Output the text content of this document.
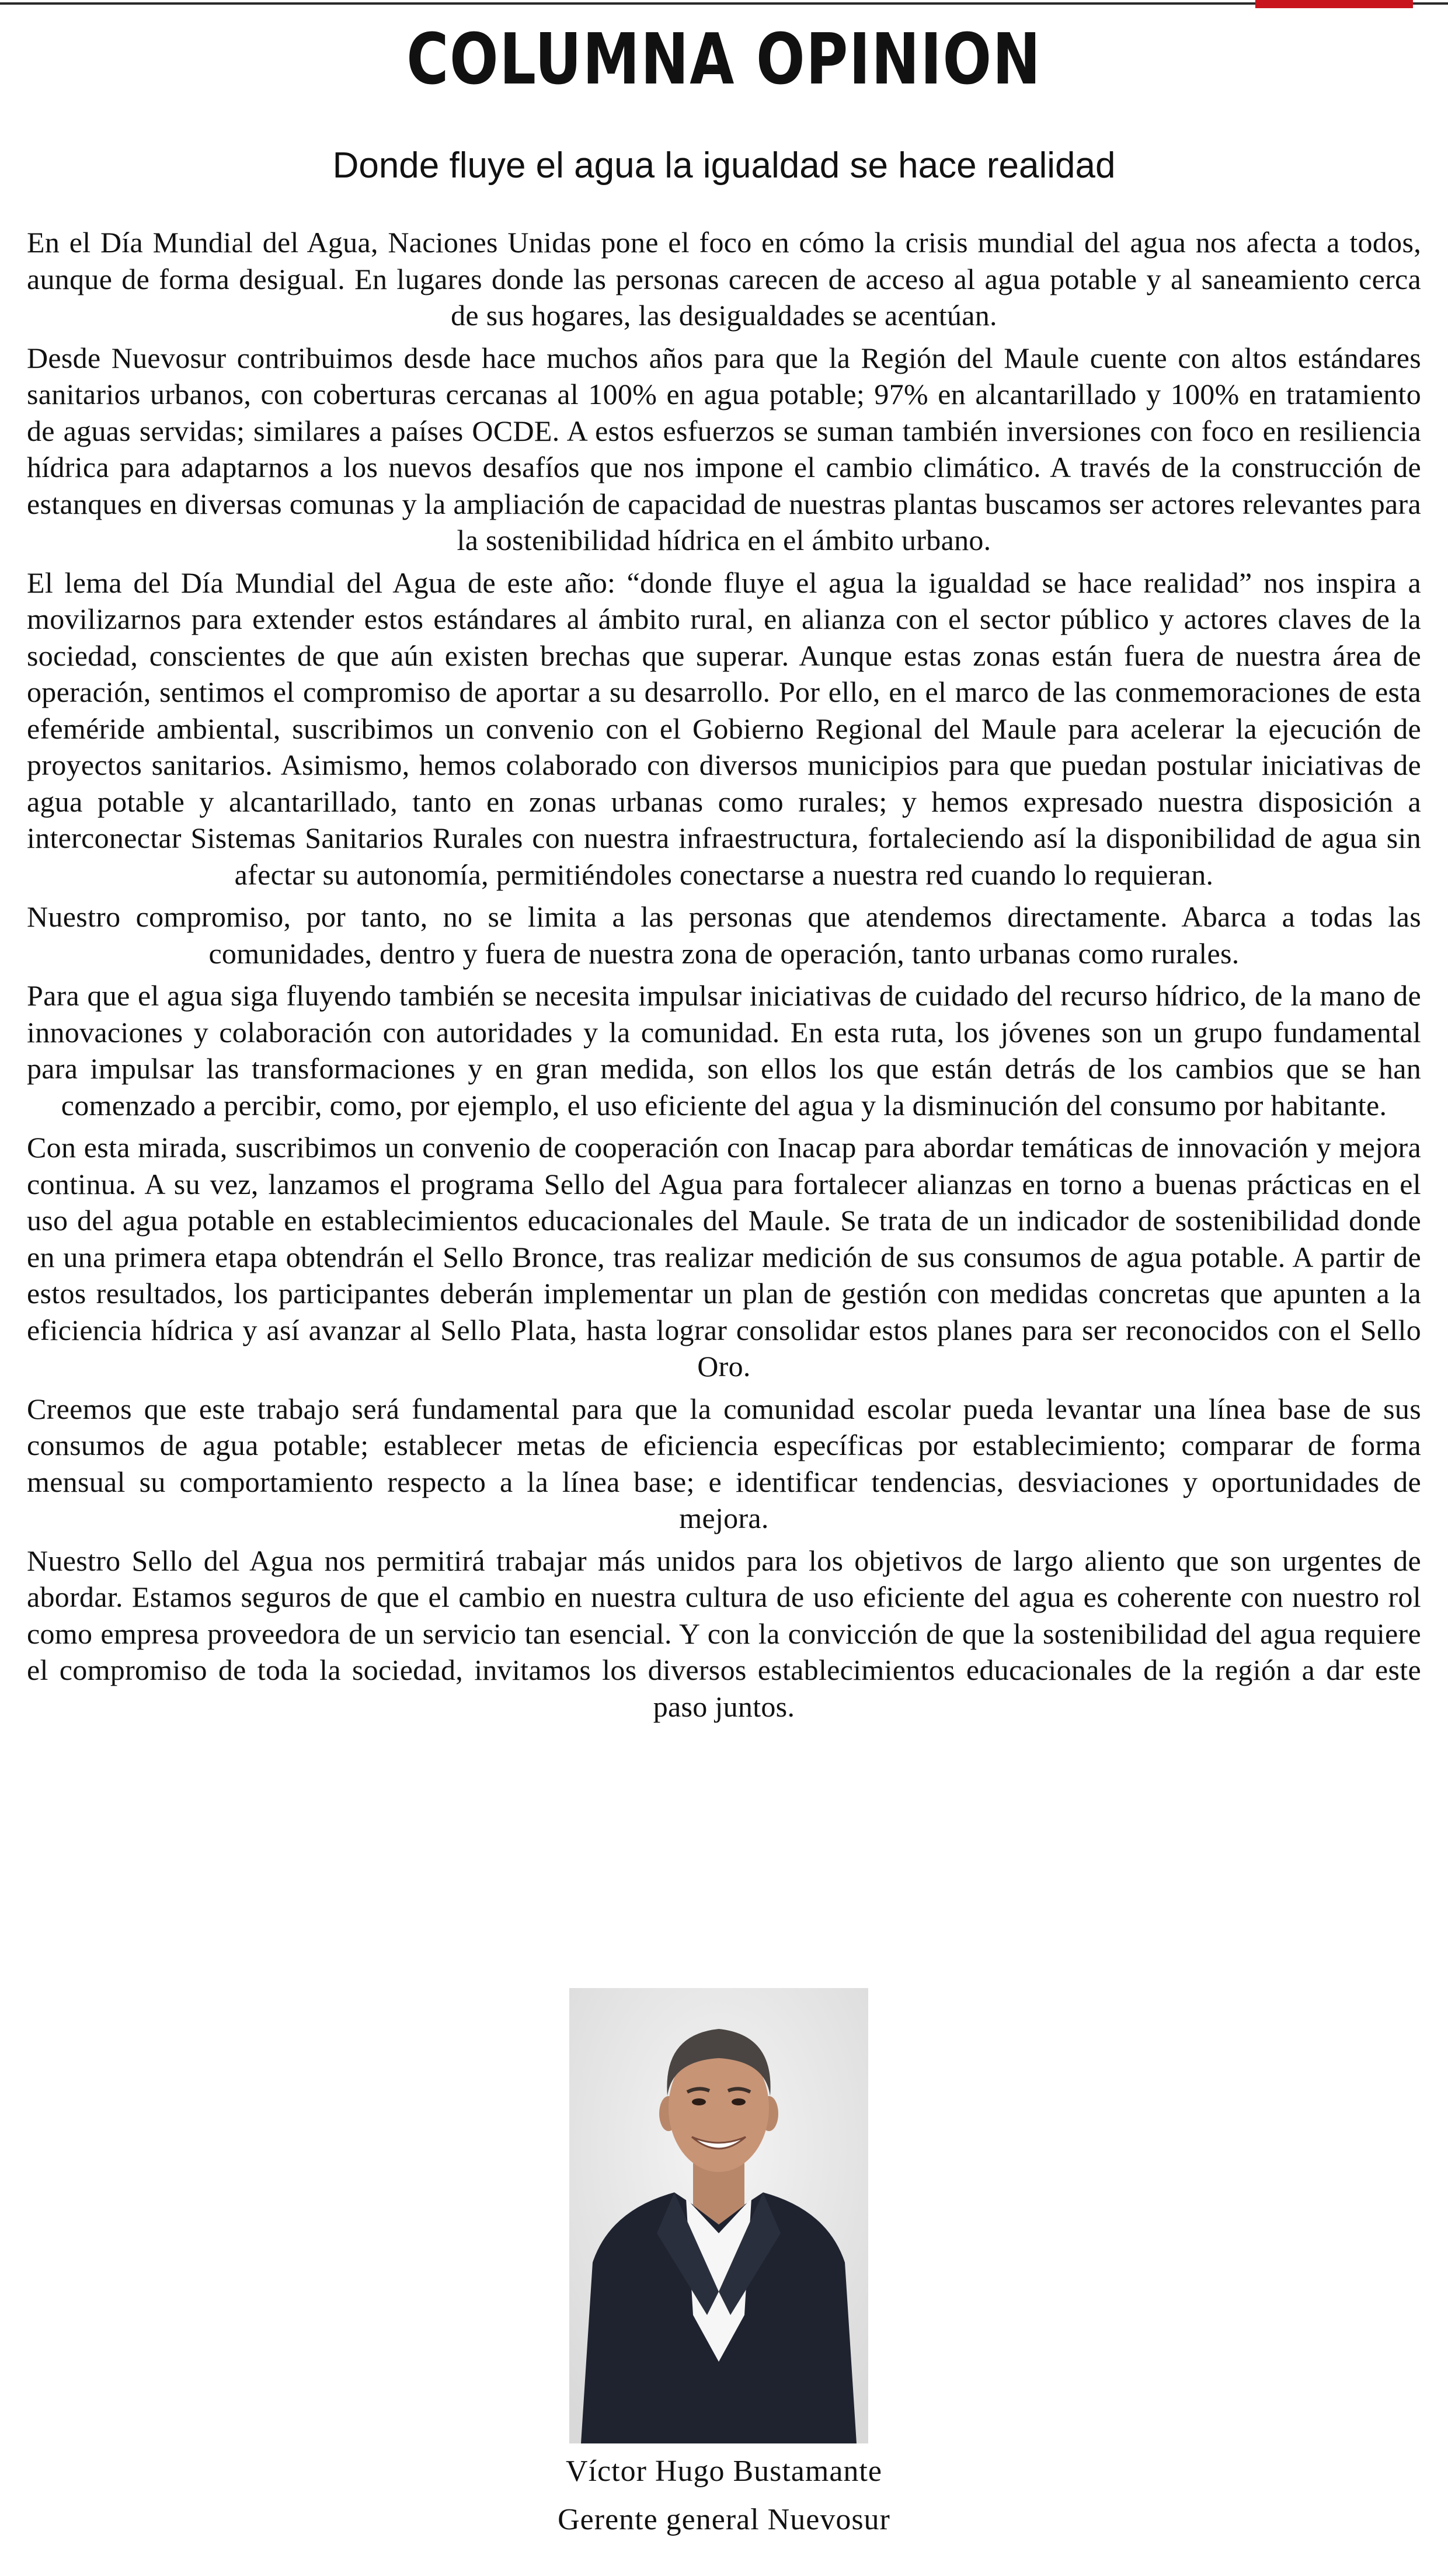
COLUMNA OPINION
Donde fluye el agua la igualdad se hace realidad

En el Día Mundial del Agua, Naciones Unidas pone el foco en cómo la crisis mundial del agua nos afecta a todos, aunque de forma desigual. En lugares donde las personas carecen de acceso al agua potable y al saneamiento cerca de sus hogares, las desigualdades se acentúan.

Desde Nuevosur contribuimos desde hace muchos años para que la Región del Maule cuente con altos estándares sanitarios urbanos, con coberturas cercanas al 100% en agua potable; 97% en alcantarillado y 100% en tratamiento de aguas servidas; similares a países OCDE. A estos esfuerzos se suman también inversiones con foco en resiliencia hídrica para adaptarnos a los nuevos desafíos que nos impone el cambio climático. A través de la construcción de estanques en diversas comunas y la ampliación de capacidad de nuestras plantas buscamos ser actores relevantes para la sostenibilidad hídrica en el ámbito urbano.

El lema del Día Mundial del Agua de este año: “donde fluye el agua la igualdad se hace realidad” nos inspira a movilizarnos para extender estos estándares al ámbito rural, en alianza con el sector público y actores claves de la sociedad, conscientes de que aún existen brechas que superar. Aunque estas zonas están fuera de nuestra área de operación, sentimos el compromiso de aportar a su desarrollo. Por ello, en el marco de las conmemoraciones de esta efeméride ambiental, suscribimos un convenio con el Gobierno Regional del Maule para acelerar la ejecución de proyectos sanitarios. Asimismo, hemos colaborado con diversos municipios para que puedan postular iniciativas de agua potable y alcantarillado, tanto en zonas urbanas como rurales; y hemos expresado nuestra disposición a interconectar Sistemas Sanitarios Rurales con nuestra infraestructura, fortaleciendo así la disponibilidad de agua sin afectar su autonomía, permitiéndoles conectarse a nuestra red cuando lo requieran.

Nuestro compromiso, por tanto, no se limita a las personas que atendemos directamente. Abarca a todas las comunidades, dentro y fuera de nuestra zona de operación, tanto urbanas como rurales.

Para que el agua siga fluyendo también se necesita impulsar iniciativas de cuidado del recurso hídrico, de la mano de innovaciones y colaboración con autoridades y la comunidad. En esta ruta, los jóvenes son un grupo fundamental para impulsar las transformaciones y en gran medida, son ellos los que están detrás de los cambios que se han comenzado a percibir, como, por ejemplo, el uso eficiente del agua y la disminución del consumo por habitante.

Con esta mirada, suscribimos un convenio de cooperación con Inacap para abordar temáticas de innovación y mejora continua. A su vez, lanzamos el programa Sello del Agua para fortalecer alianzas en torno a buenas prácticas en el uso del agua potable en establecimientos educacionales del Maule. Se trata de un indicador de sostenibilidad donde en una primera etapa obtendrán el Sello Bronce, tras realizar medición de sus consumos de agua potable. A partir de estos resultados, los participantes deberán implementar un plan de gestión con medidas concretas que apunten a la eficiencia hídrica y así avanzar al Sello Plata, hasta lograr consolidar estos planes para ser reconocidos con el Sello Oro.

Creemos que este trabajo será fundamental para que la comunidad escolar pueda levantar una línea base de sus consumos de agua potable; establecer metas de eficiencia específicas por establecimiento; comparar de forma mensual su comportamiento respecto a la línea base; e identificar tendencias, desviaciones y oportunidades de mejora.

Nuestro Sello del Agua nos permitirá trabajar más unidos para los objetivos de largo aliento que son urgentes de abordar. Estamos seguros de que el cambio en nuestra cultura de uso eficiente del agua es coherente con nuestro rol como empresa proveedora de un servicio tan esencial. Y con la convicción de que la sostenibilidad del agua requiere el compromiso de toda la sociedad, invitamos los diversos establecimientos educacionales de la región a dar este paso juntos.

Víctor Hugo Bustamante
Gerente general Nuevosur
